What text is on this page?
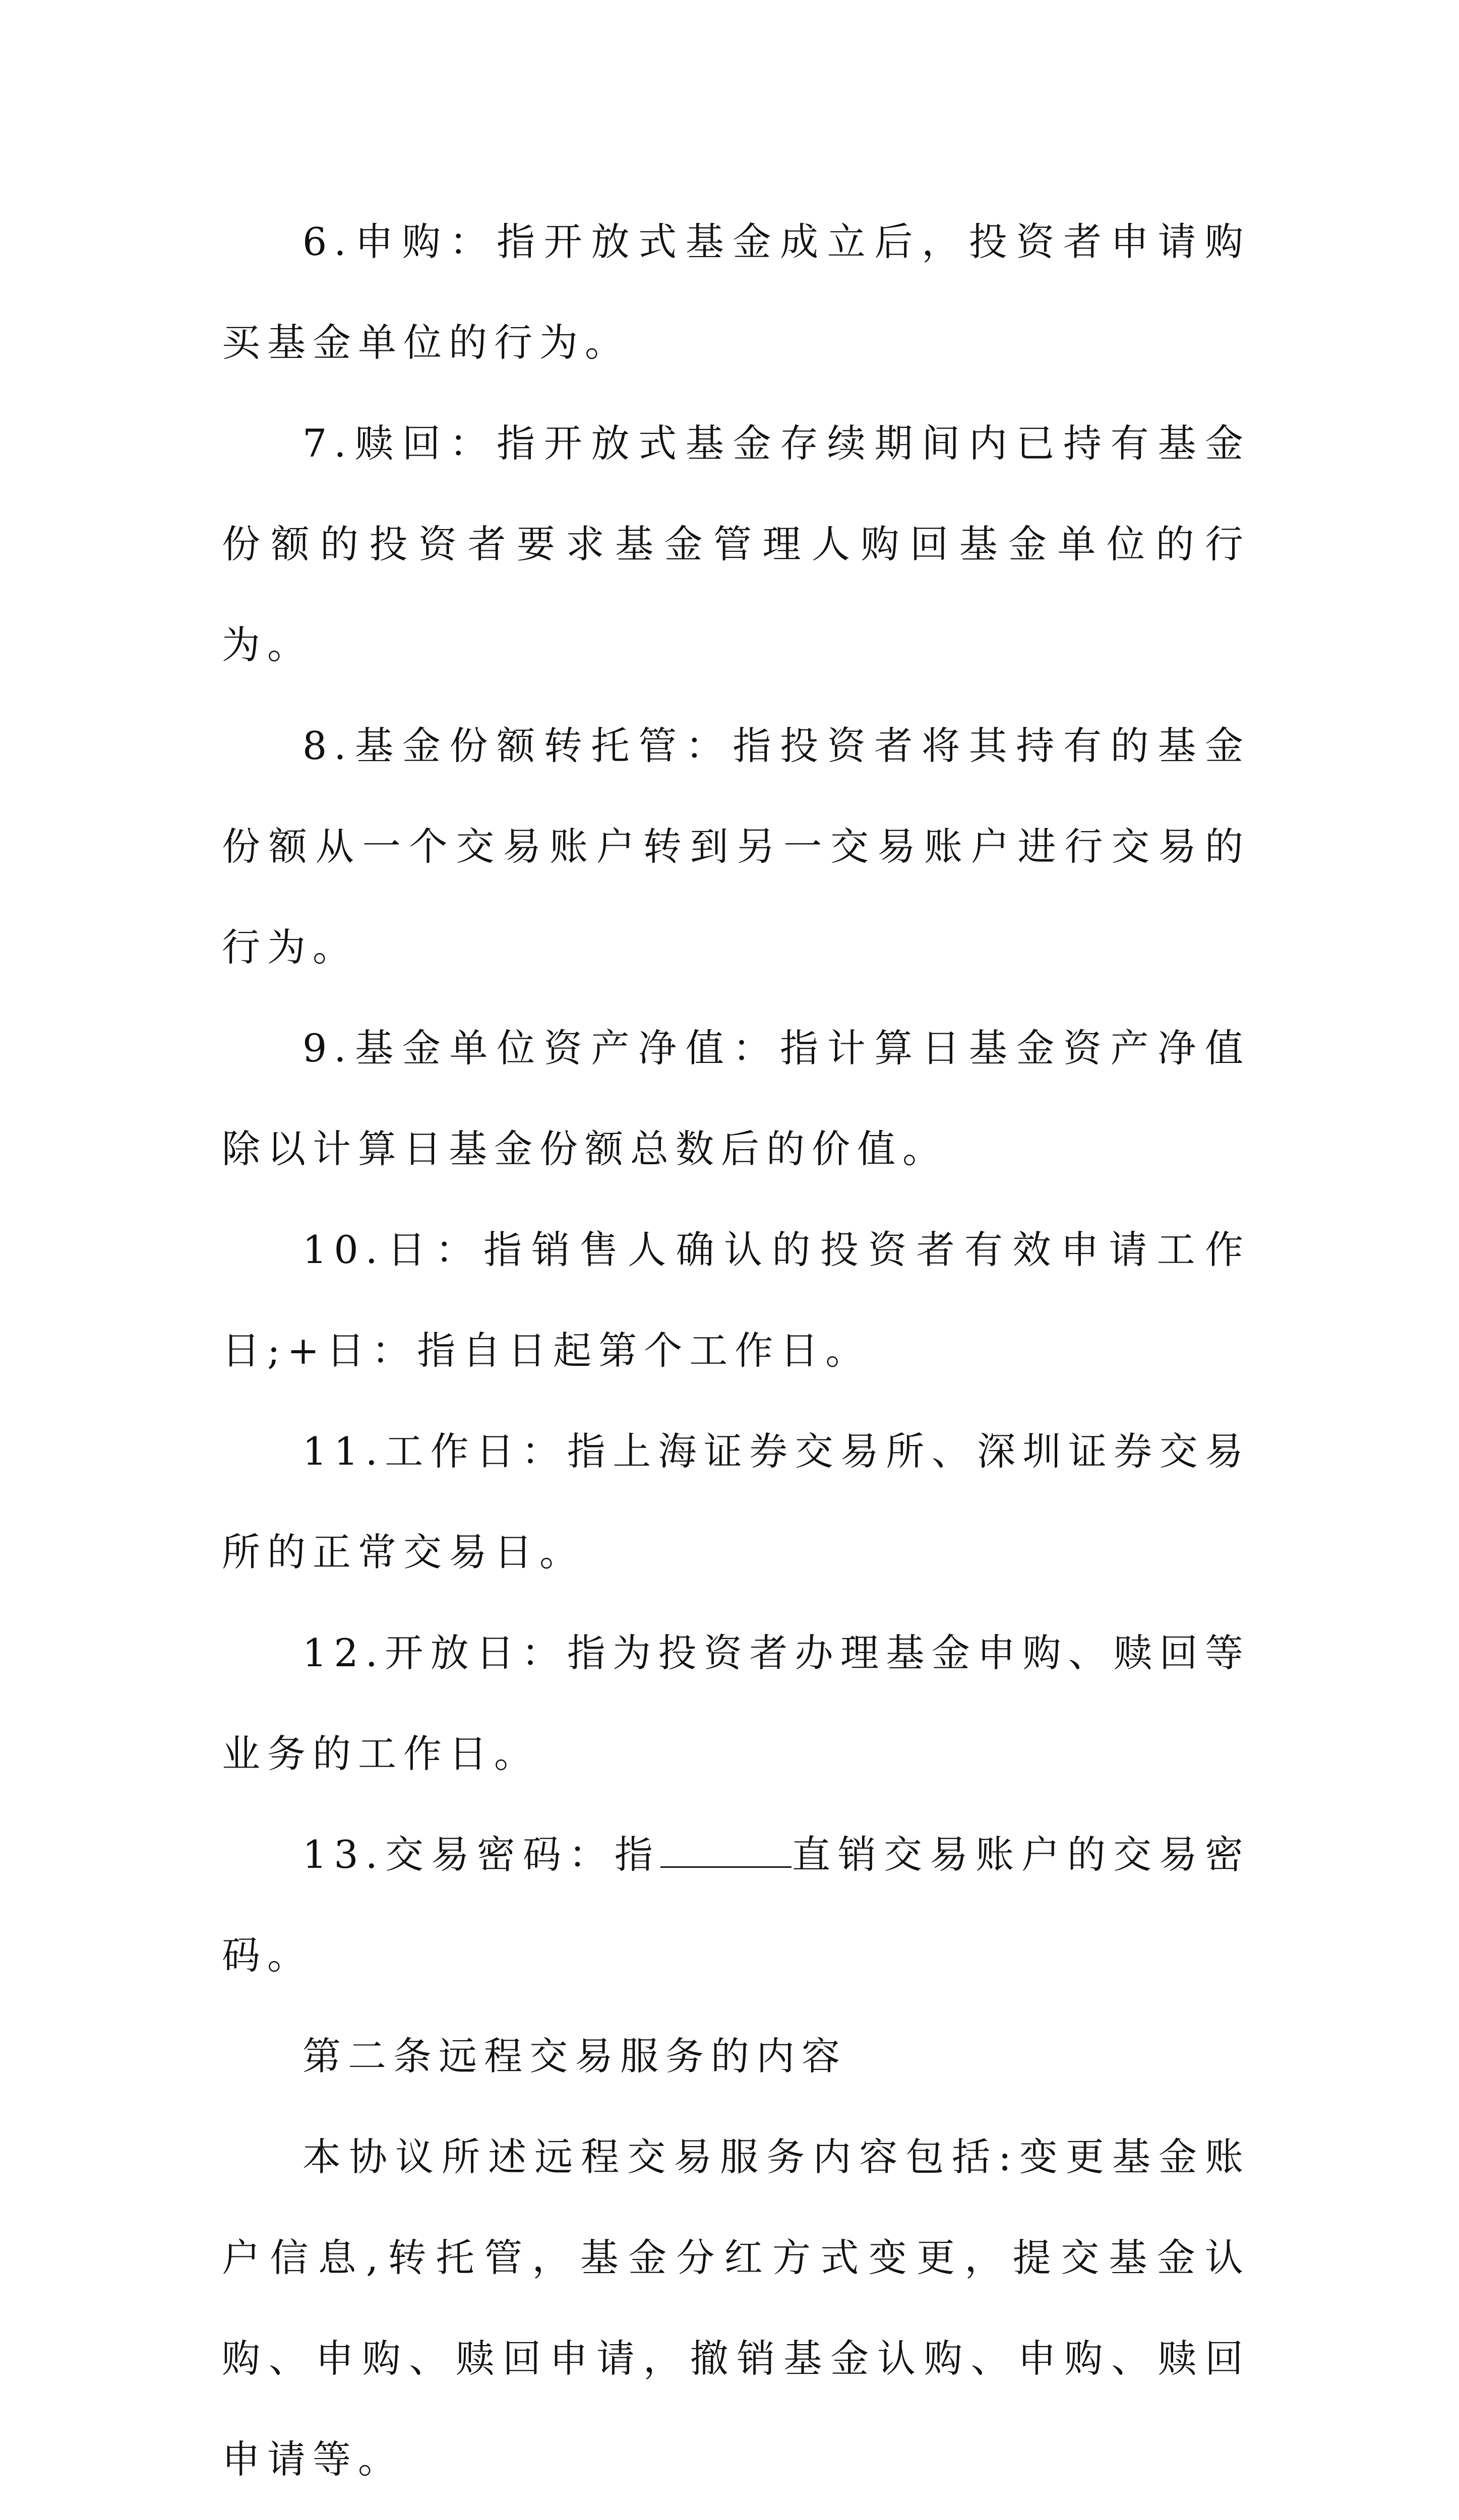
6.申购：指开放式基金成立后，投资者申请购买基金单位的行为。

7.赎回：指开放式基金存续期间内已持有基金份额的投资者要求基金管理人购回基金单位的行为。

8.基金份额转托管：指投资者将其持有的基金份额从一个交易账户转到另一交易账户进行交易的行为。

9.基金单位资产净值：指计算日基金资产净值除以计算日基金份额总数后的价值。

10.日：指销售人确认的投资者有效申请工作日;+日：指自日起第个工作日。

11.工作日：指上海证券交易所、深圳证券交易所的正常交易日。

12.开放日：指为投资者办理基金申购、赎回等业务的工作日。

13.交易密码：指	直销交易账户的交易密码。

第二条远程交易服务的内容

本协议所述远程交易服务内容包括:变更基金账户信息,转托管，基金分红方式变更，提交基金认购、申购、赎回申请，撤销基金认购、申购、赎回申请等。
